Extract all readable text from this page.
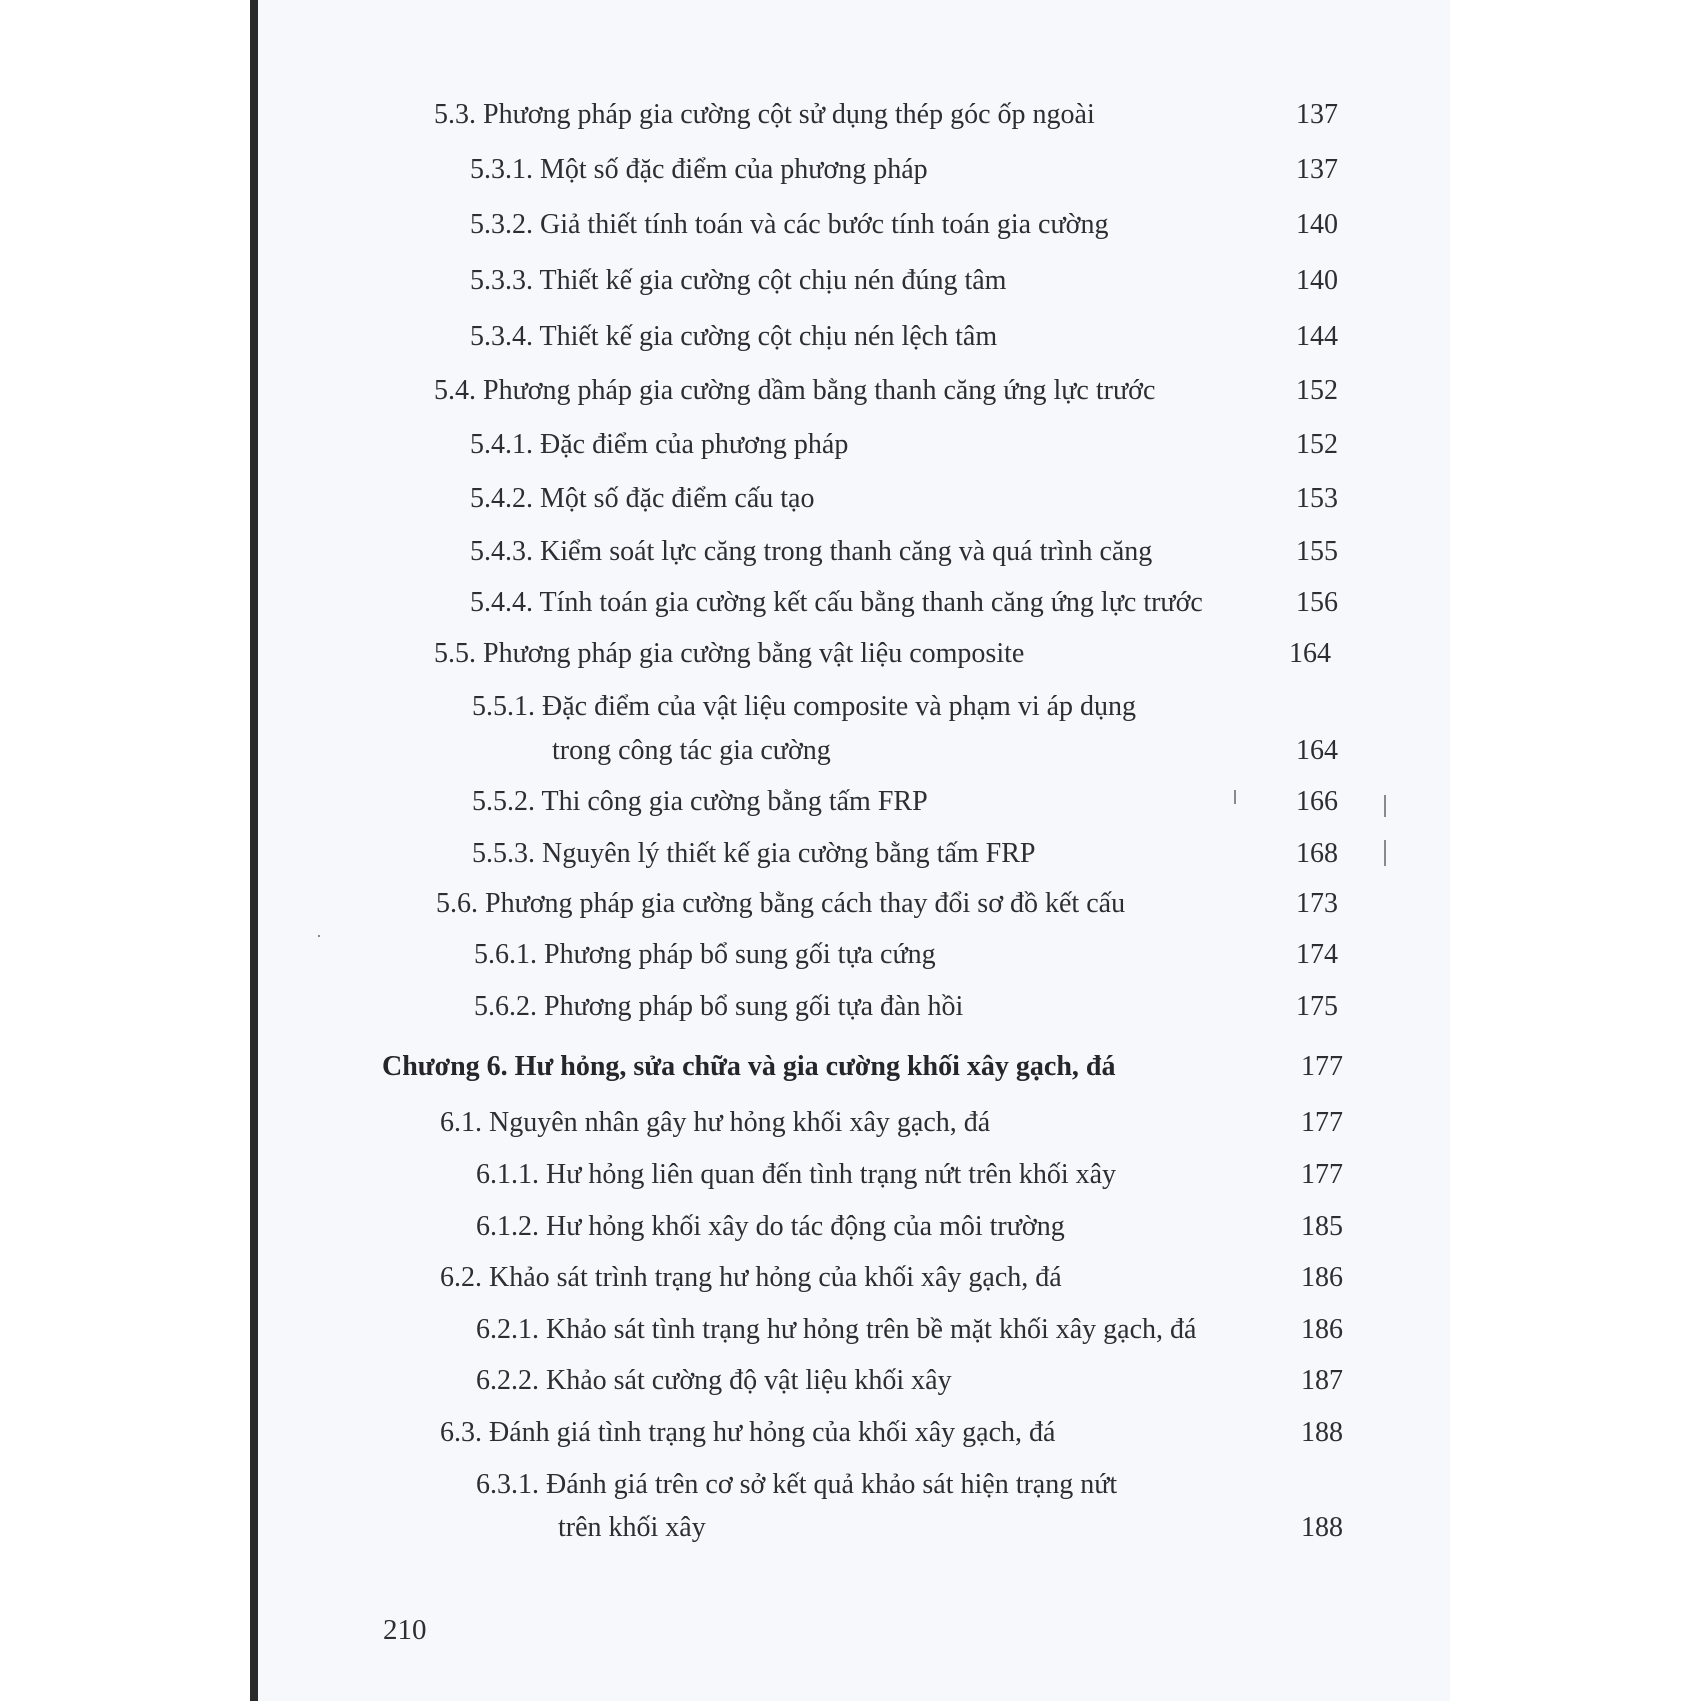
5.3. Phương pháp gia cường cột sử dụng thép góc ốp ngoài	137
5.3.1. Một số đặc điểm của phương pháp	137
5.3.2. Giả thiết tính toán và các bước tính toán gia cường	140
5.3.3. Thiết kế gia cường cột chịu nén đúng tâm	140
5.3.4. Thiết kế gia cường cột chịu nén lệch tâm	144
5.4. Phương pháp gia cường dầm bằng thanh căng ứng lực trước	152
5.4.1. Đặc điểm của phương pháp	152
5.4.2. Một số đặc điểm cấu tạo	153
5.4.3. Kiểm soát lực căng trong thanh căng và quá trình căng	155
5.4.4. Tính toán gia cường kết cấu bằng thanh căng ứng lực trước	156
5.5. Phương pháp gia cường bằng vật liệu composite	164
5.5.1. Đặc điểm của vật liệu composite và phạm vi áp dụng
trong công tác gia cường	164
5.5.2. Thi công gia cường bằng tấm FRP	166
5.5.3. Nguyên lý thiết kế gia cường bằng tấm FRP	168
5.6. Phương pháp gia cường bằng cách thay đổi sơ đồ kết cấu	173
5.6.1. Phương pháp bổ sung gối tựa cứng	174
5.6.2. Phương pháp bổ sung gối tựa đàn hồi	175
Chương 6. Hư hỏng, sửa chữa và gia cường khối xây gạch, đá	177
6.1. Nguyên nhân gây hư hỏng khối xây gạch, đá	177
6.1.1. Hư hỏng liên quan đến tình trạng nứt trên khối xây	177
6.1.2. Hư hỏng khối xây do tác động của môi trường	185
6.2. Khảo sát trình trạng hư hỏng của khối xây gạch, đá	186
6.2.1. Khảo sát tình trạng hư hỏng trên bề mặt khối xây gạch, đá	186
6.2.2. Khảo sát cường độ vật liệu khối xây	187
6.3. Đánh giá tình trạng hư hỏng của khối xây gạch, đá	188
6.3.1. Đánh giá trên cơ sở kết quả khảo sát hiện trạng nứt
trên khối xây	188
210
